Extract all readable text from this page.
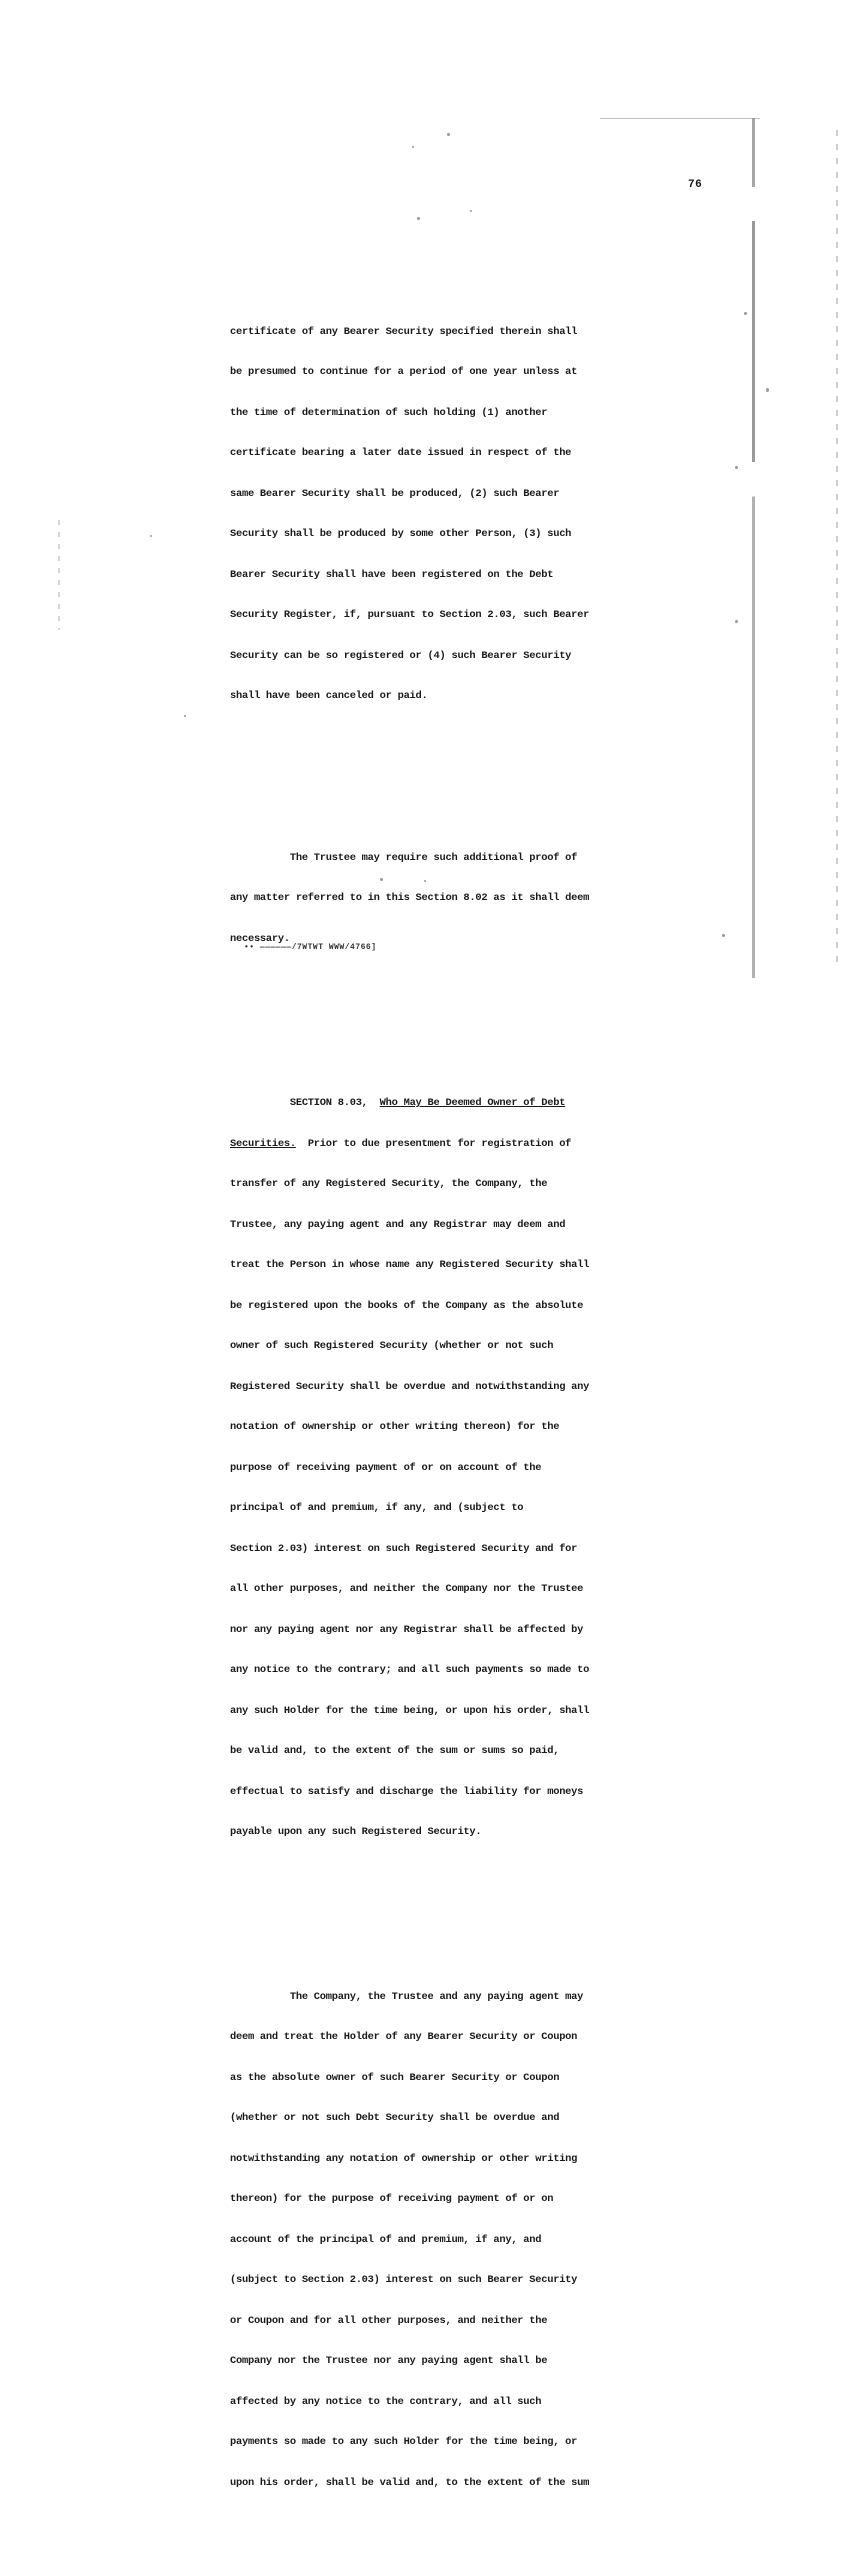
76

certificate of any Bearer Security specified therein shall

be presumed to continue for a period of one year unless at

the time of determination of such holding (1) another

certificate bearing a later date issued in respect of the

same Bearer Security shall be produced, (2) such Bearer

Security shall be produced by some other Person, (3) such

Bearer Security shall have been registered on the Debt

Security Register, if, pursuant to Section 2.03, such Bearer

Security can be so registered or (4) such Bearer Security

shall have been canceled or paid.

The Trustee may require such additional proof of

any matter referred to in this Section 8.02 as it shall deem

necessary.

SECTION 8.03,  Who May Be Deemed Owner of Debt

Securities.  Prior to due presentment for registration of

transfer of any Registered Security, the Company, the

Trustee, any paying agent and any Registrar may deem and

treat the Person in whose name any Registered Security shall

be registered upon the books of the Company as the absolute

owner of such Registered Security (whether or not such

Registered Security shall be overdue and notwithstanding any

notation of ownership or other writing thereon) for the

purpose of receiving payment of or on account of the

principal of and premium, if any, and (subject to

Section 2.03) interest on such Registered Security and for

all other purposes, and neither the Company nor the Trustee

nor any paying agent nor any Registrar shall be affected by

any notice to the contrary; and all such payments so made to

any such Holder for the time being, or upon his order, shall

be valid and, to the extent of the sum or sums so paid,

effectual to satisfy and discharge the liability for moneys

payable upon any such Registered Security.

The Company, the Trustee and any paying agent may

deem and treat the Holder of any Bearer Security or Coupon

as the absolute owner of such Bearer Security or Coupon

(whether or not such Debt Security shall be overdue and

notwithstanding any notation of ownership or other writing

thereon) for the purpose of receiving payment of or on

account of the principal of and premium, if any, and

(subject to Section 2.03) interest on such Bearer Security

or Coupon and for all other purposes, and neither the

Company nor the Trustee nor any paying agent shall be

affected by any notice to the contrary, and all such

payments so made to any such Holder for the time being, or

upon his order, shall be valid and, to the extent of the sum

•• ——————/7WTWT WWW/4766]
